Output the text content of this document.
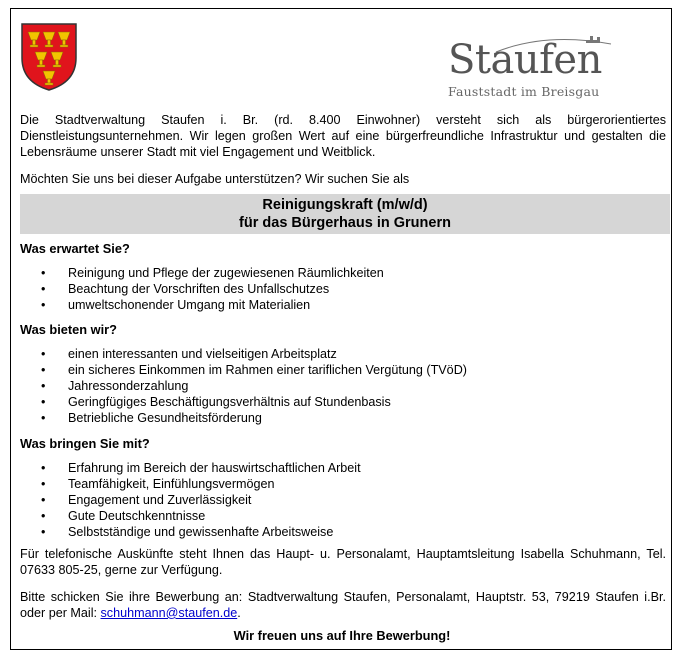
Staufen
Fauststadt im Breisgau
Die Stadtverwaltung Staufen i. Br. (rd. 8.400 Einwohner) versteht sich als bürgerorientiertes Dienstleistungsunternehmen. Wir legen großen Wert auf eine bürgerfreundliche Infrastruktur und gestalten die Lebensräume unserer Stadt mit viel Engagement und Weitblick.
Möchten Sie uns bei dieser Aufgabe unterstützen? Wir suchen Sie als
Reinigungskraft (m/w/d)
für das Bürgerhaus in Grunern
Was erwartet Sie?
• Reinigung und Pflege der zugewiesenen Räumlichkeiten
• Beachtung der Vorschriften des Unfallschutzes
• umweltschonender Umgang mit Materialien
Was bieten wir?
• einen interessanten und vielseitigen Arbeitsplatz
• ein sicheres Einkommen im Rahmen einer tariflichen Vergütung (TVöD)
• Jahressonderzahlung
• Geringfügiges Beschäftigungsverhältnis auf Stundenbasis
• Betriebliche Gesundheitsförderung
Was bringen Sie mit?
• Erfahrung im Bereich der hauswirtschaftlichen Arbeit
• Teamfähigkeit, Einfühlungsvermögen
• Engagement und Zuverlässigkeit
• Gute Deutschkenntnisse
• Selbstständige und gewissenhafte Arbeitsweise
Für telefonische Auskünfte steht Ihnen das Haupt- u. Personalamt, Hauptamtsleitung Isabella Schuhmann, Tel. 07633 805-25, gerne zur Verfügung.
Bitte schicken Sie ihre Bewerbung an: Stadtverwaltung Staufen, Personalamt, Hauptstr. 53, 79219 Staufen i.Br. oder per Mail: schuhmann@staufen.de.
Wir freuen uns auf Ihre Bewerbung!
